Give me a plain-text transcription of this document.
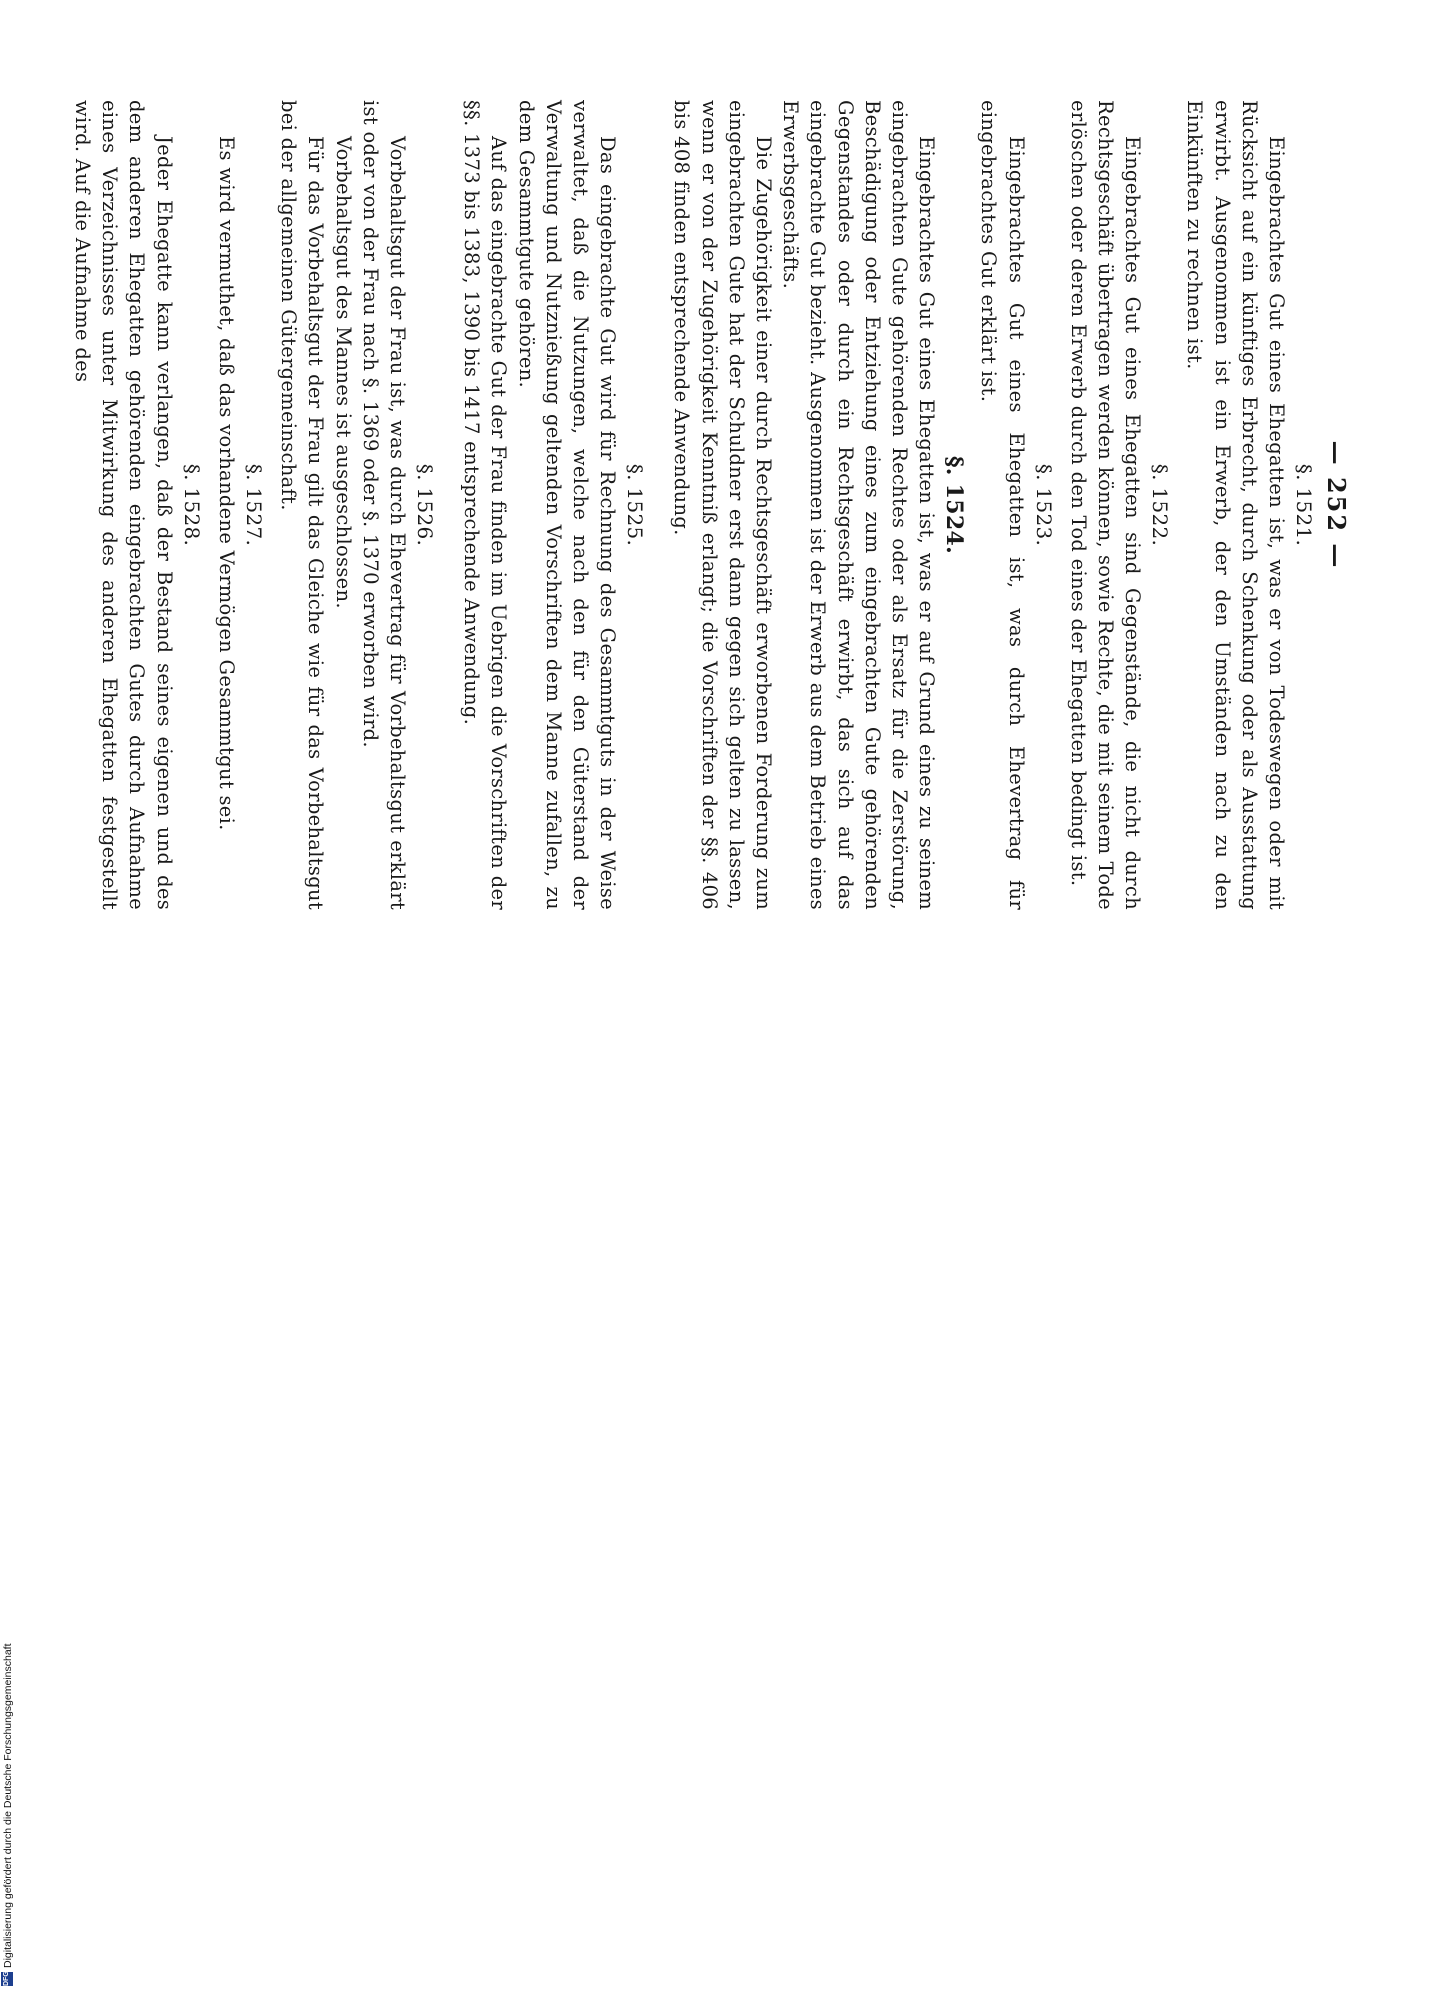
— 252 —
§. 1521.

Eingebrachtes Gut eines Ehegatten ist, was er von Todeswegen oder mit Rücksicht auf ein künftiges Erbrecht, durch Schenkung oder als Ausstattung erwirbt. Ausgenommen ist ein Erwerb, der den Umständen nach zu den Einkünften zu rechnen ist.

§. 1522.

Eingebrachtes Gut eines Ehegatten sind Gegenstände, die nicht durch Rechtsgeschäft übertragen werden können, sowie Rechte, die mit seinem Tode erlöschen oder deren Erwerb durch den Tod eines der Ehegatten bedingt ist.

§. 1523.

Eingebrachtes Gut eines Ehegatten ist, was durch Ehevertrag für eingebrachtes Gut erklärt ist.

§. 1524.

Eingebrachtes Gut eines Ehegatten ist, was er auf Grund eines zu seinem eingebrachten Gute gehörenden Rechtes oder als Ersatz für die Zerstörung, Beschädigung oder Entziehung eines zum eingebrachten Gute gehörenden Gegenstandes oder durch ein Rechtsgeschäft erwirbt, das sich auf das eingebrachte Gut bezieht. Ausgenommen ist der Erwerb aus dem Betrieb eines Erwerbsgeschäfts.

Die Zugehörigkeit einer durch Rechtsgeschäft erworbenen Forderung zum eingebrachten Gute hat der Schuldner erst dann gegen sich gelten zu lassen, wenn er von der Zugehörigkeit Kenntniß erlangt; die Vorschriften der §§. 406 bis 408 finden entsprechende Anwendung.

§. 1525.

Das eingebrachte Gut wird für Rechnung des Gesammtguts in der Weise verwaltet, daß die Nutzungen, welche nach den für den Güterstand der Verwaltung und Nutznießung geltenden Vorschriften dem Manne zufallen, zu dem Gesammtgute gehören.

Auf das eingebrachte Gut der Frau finden im Uebrigen die Vorschriften der §§. 1373 bis 1383, 1390 bis 1417 entsprechende Anwendung.

§. 1526.

Vorbehaltsgut der Frau ist, was durch Ehevertrag für Vorbehaltsgut erklärt ist oder von der Frau nach §. 1369 oder §. 1370 erworben wird.

Vorbehaltsgut des Mannes ist ausgeschlossen.

Für das Vorbehaltsgut der Frau gilt das Gleiche wie für das Vorbehaltsgut bei der allgemeinen Gütergemeinschaft.

§. 1527.

Es wird vermuthet, daß das vorhandene Vermögen Gesammtgut sei.

§. 1528.

Jeder Ehegatte kann verlangen, daß der Bestand seines eigenen und des dem anderen Ehegatten gehörenden eingebrachten Gutes durch Aufnahme eines Verzeichnisses unter Mitwirkung des anderen Ehegatten festgestellt wird. Auf die Aufnahme des

DFG
Digitalisierung gefördert durch die Deutsche Forschungsgemeinschaft
